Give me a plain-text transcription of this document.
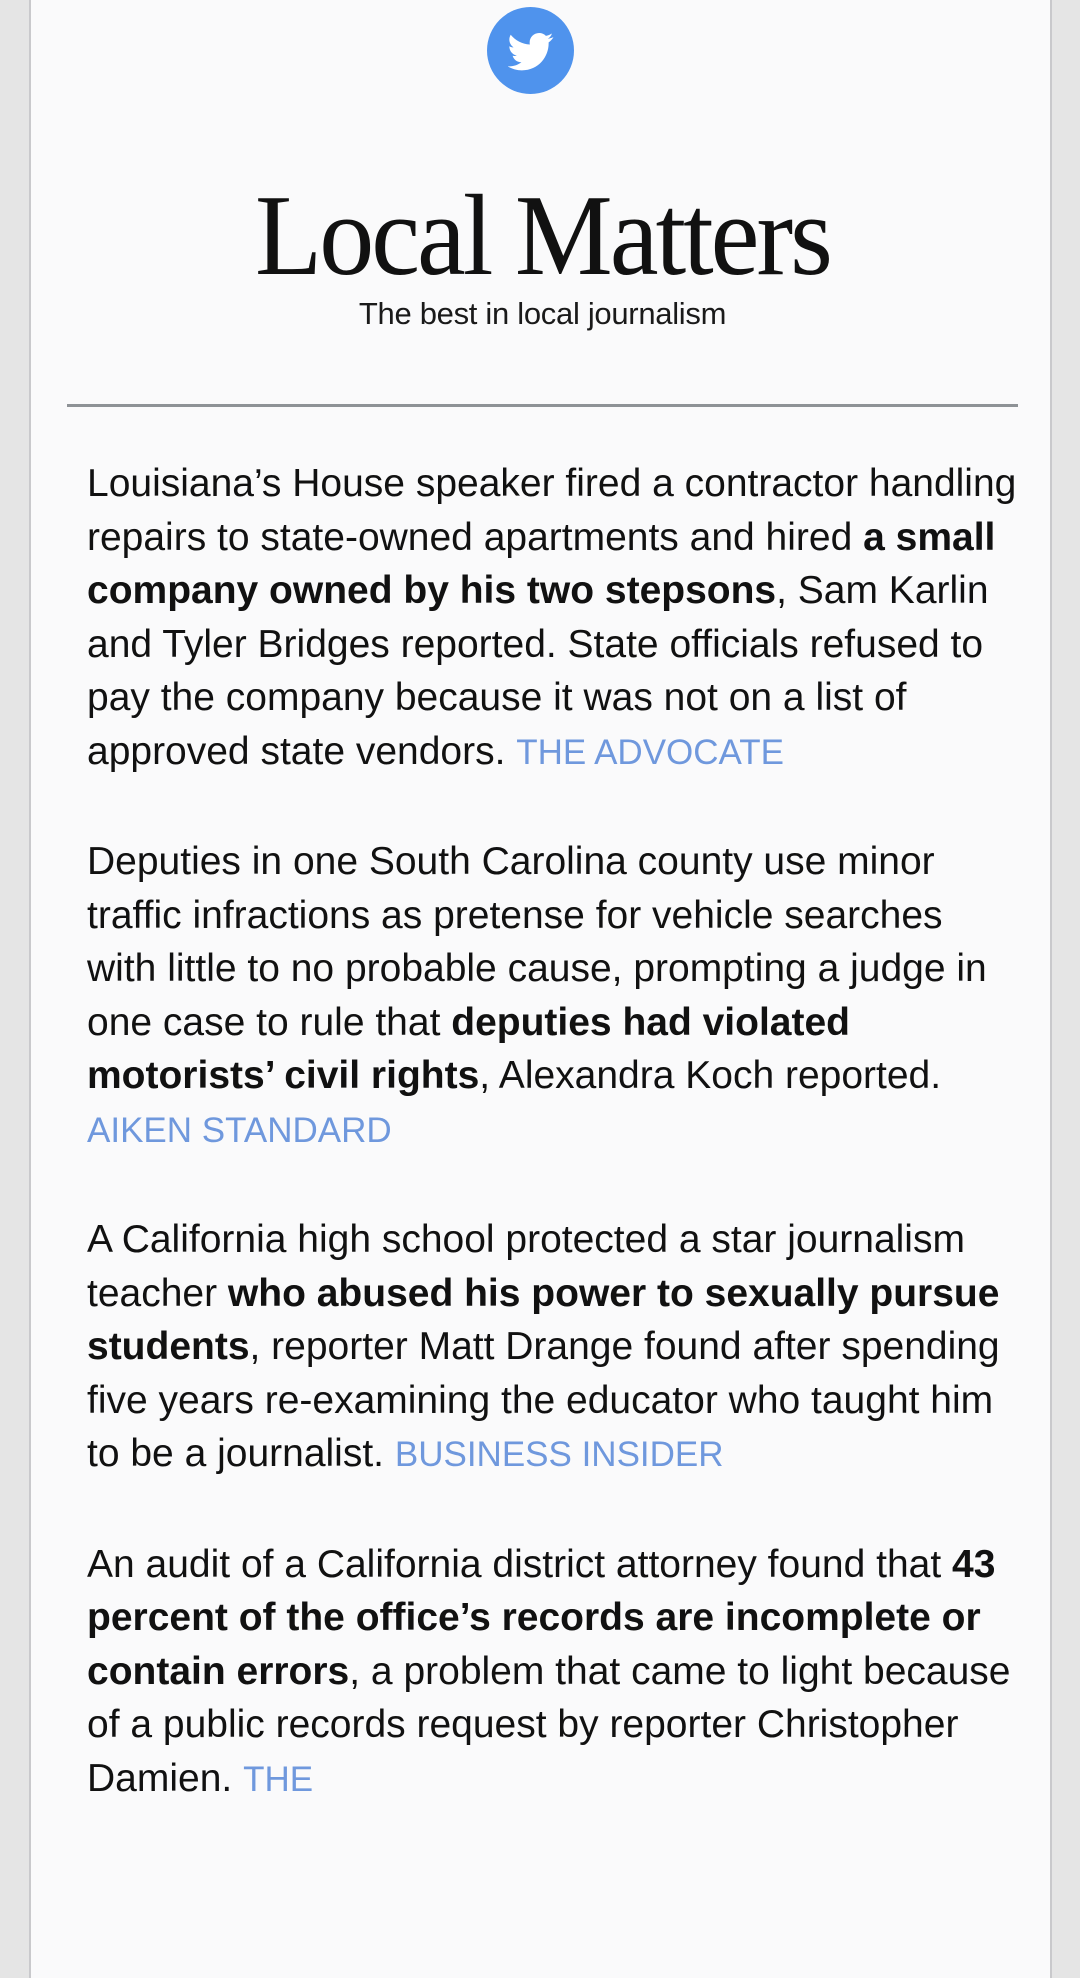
Local Matters
The best in local journalism

Louisiana’s House speaker fired a contractor handling repairs to state-owned apartments and hired a small company owned by his two stepsons, Sam Karlin and Tyler Bridges reported. State officials refused to pay the company because it was not on a list of approved state vendors. THE ADVOCATE

Deputies in one South Carolina county use minor traffic infractions as pretense for vehicle searches with little to no probable cause, prompting a judge in one case to rule that deputies had violated motorists’ civil rights, Alexandra Koch reported. AIKEN STANDARD

A California high school protected a star journalism teacher who abused his power to sexually pursue students, reporter Matt Drange found after spending five years re-examining the educator who taught him to be a journalist. BUSINESS INSIDER

An audit of a California district attorney found that 43 percent of the office’s records are incomplete or contain errors, a problem that came to light because of a public records request by reporter Christopher Damien. THE
